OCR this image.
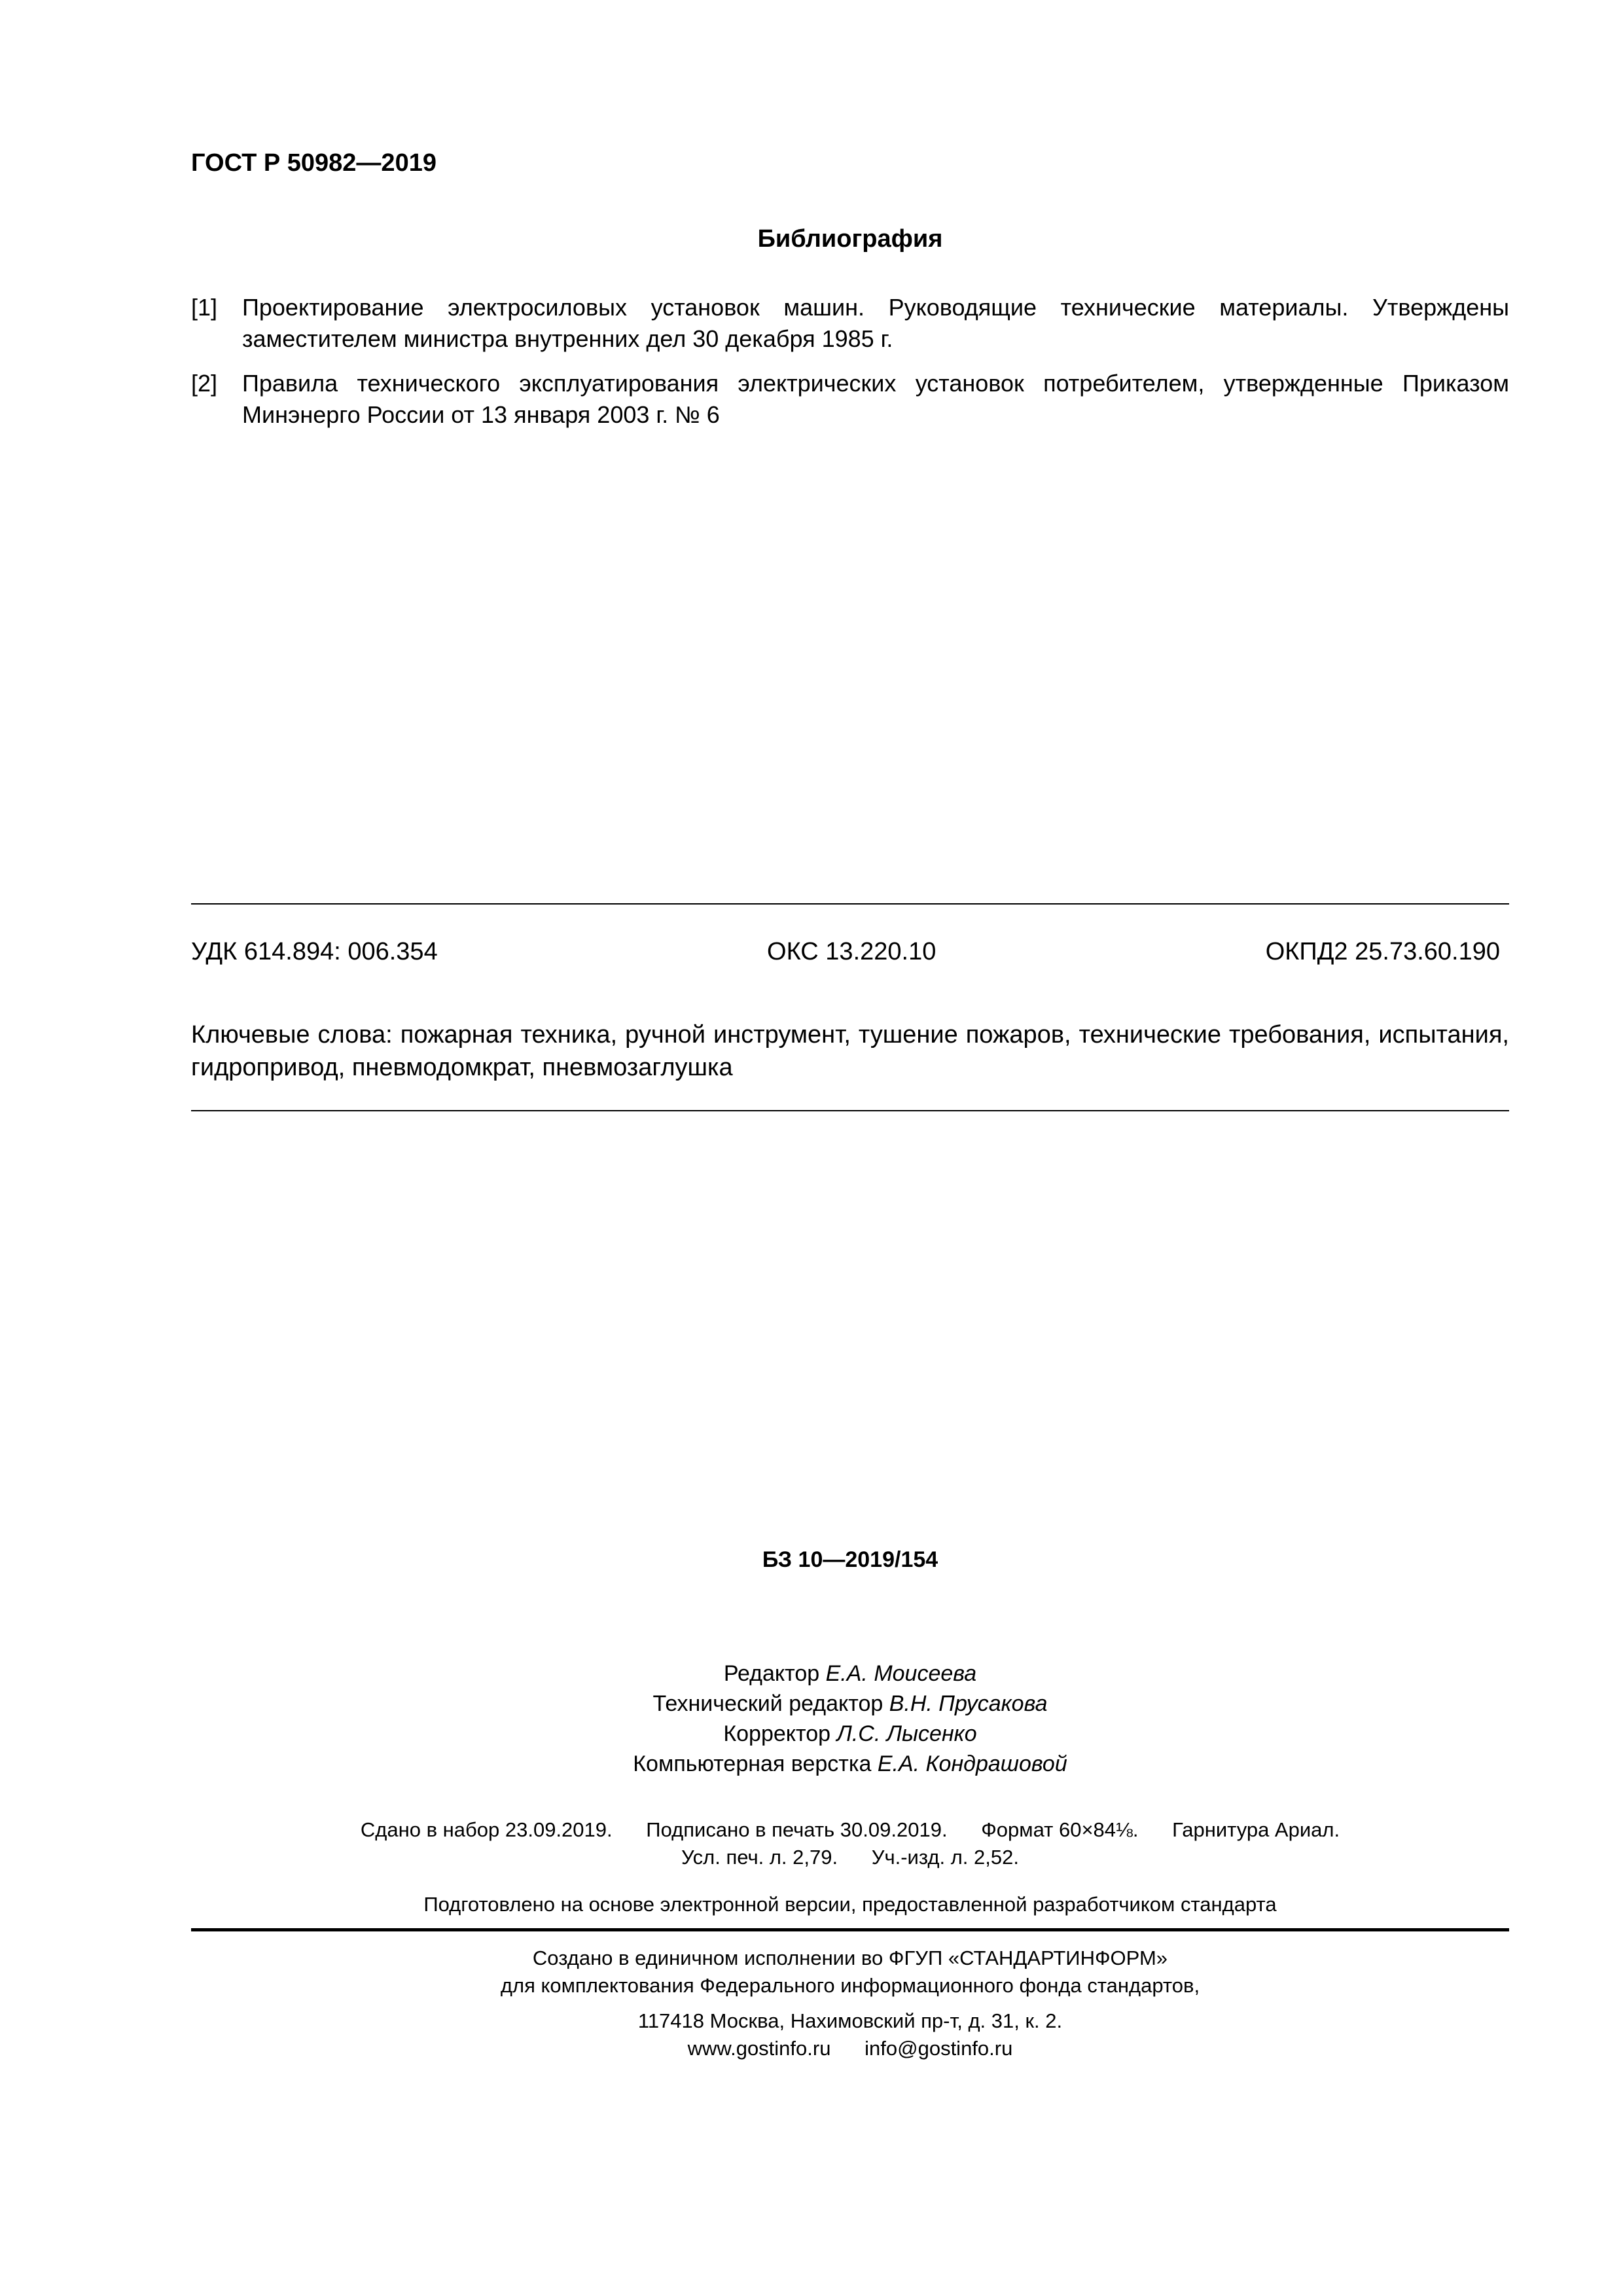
ГОСТ Р 50982—2019
Библиография
[1]	Проектирование электросиловых установок машин. Руководящие технические материалы. Утверждены заместителем министра внутренних дел 30 декабря 1985 г.
[2]	Правила технического эксплуатирования электрических установок потребителем, утвержденные Приказом Минэнерго России от 13 января 2003 г. № 6
УДК 614.894: 006.354	ОКС 13.220.10	ОКПД2 25.73.60.190
Ключевые слова: пожарная техника, ручной инструмент, тушение пожаров, технические требования, испытания, гидропривод, пневмодомкрат, пневмозаглушка
БЗ 10—2019/154
Редактор Е.А. Моисеева
Технический редактор В.Н. Прусакова
Корректор Л.С. Лысенко
Компьютерная верстка Е.А. Кондрашовой
Сдано в набор 23.09.2019.      Подписано в печать 30.09.2019.      Формат 60×84⅛.      Гарнитура Ариал.
Усл. печ. л. 2,79.      Уч.-изд. л. 2,52.
Подготовлено на основе электронной версии, предоставленной разработчиком стандарта
Создано в единичном исполнении во ФГУП «СТАНДАРТИНФОРМ»
для комплектования Федерального информационного фонда стандартов,
117418 Москва, Нахимовский пр-т, д. 31, к. 2.
www.gostinfo.ru      info@gostinfo.ru
